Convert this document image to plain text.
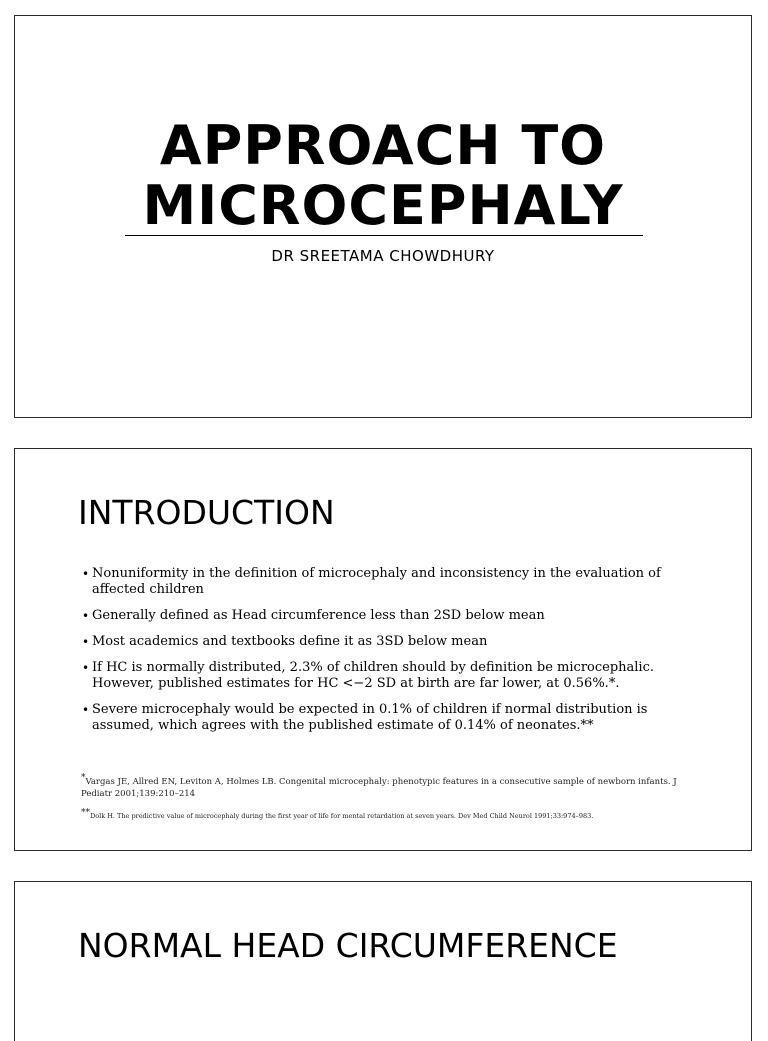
APPROACH TO
MICROCEPHALY
DR SREETAMA CHOWDHURY
INTRODUCTION
• Nonuniformity in the definition of microcephaly and inconsistency in the evaluation of affected children
• Generally defined as Head circumference less than 2SD below mean
• Most academics and textbooks define it as 3SD below mean
• If HC is normally distributed, 2.3% of children should by definition be microcephalic. However, published estimates for HC <−2 SD at birth are far lower, at 0.56%.*.
• Severe microcephaly would be expected in 0.1% of children if normal distribution is assumed, which agrees with the published estimate of 0.14% of neonates.**
*Vargas JE, Allred EN, Leviton A, Holmes LB. Congenital microcephaly: phenotypic features in a consecutive sample of newborn infants. J Pediatr 2001;139:210–214
**Dolk H. The predictive value of microcephaly during the first year of life for mental retardation at seven years. Dev Med Child Neurol 1991;33:974–983.
NORMAL HEAD CIRCUMFERENCE
